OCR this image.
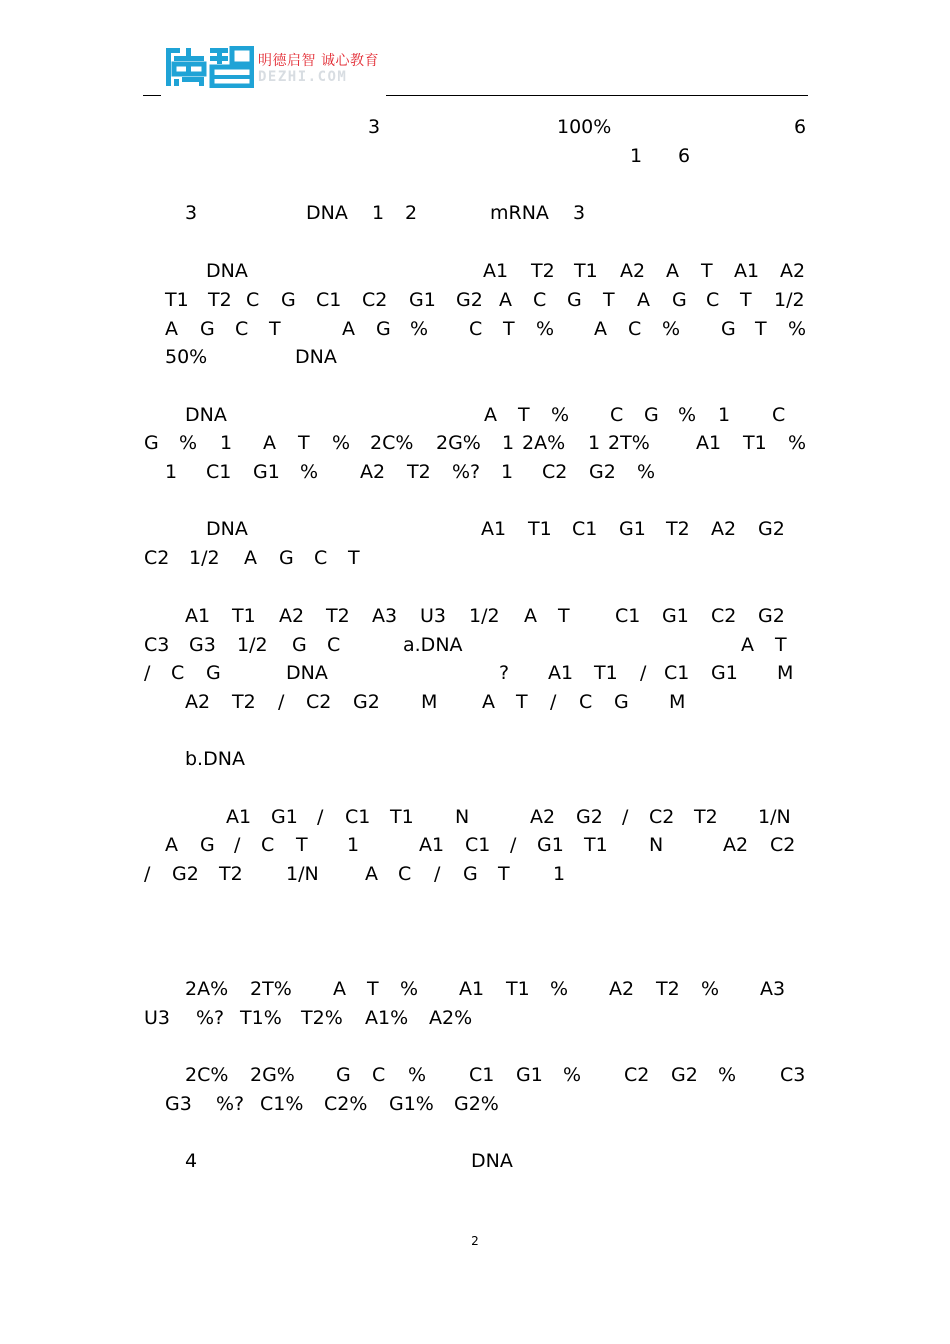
明德启智 诚心教育
DEZHI.COM
3	100%	6
1 6
3	DNA 1 2	mRNA 3
DNA	A1 T2 T1 A2 A T A1 A2
T1 T2 C G C1 C2 G1 G2 A C G T A G C T 1/2
A G C T	A G % C T % A C % G T %
50%	DNA
DNA	A T % C G % 1 C
G % 1 A T % 2C% 2G% 1 2A% 1 2T% A1 T1 %
1 C1 G1 % A2 T2 %? 1 C2 G2 %
DNA	A1 T1 C1 G1 T2 A2 G2
C2 1/2 A G C T
A1 T1 A2 T2 A3 U3 1/2 A T C1 G1 C2 G2
C3 G3 1/2 G C	a.DNA	A T
/ C G	DNA	? A1 T1 / C1 G1 M
A2 T2 / C2 G2 M A T / C G M
b.DNA
A1 G1 / C1 T1 N	A2 G2 / C2 T2 1/N
A G / C T 1	A1 C1 / G1 T1 N	A2 C2
/ G2 T2 1/N A C / G T 1
2A% 2T% A T % A1 T1 % A2 T2 % A3
U3 %? T1% T2% A1% A2%
2C% 2G% G C % C1 G1 % C2 G2 % C3
G3 %? C1% C2% G1% G2%
4	DNA
2
